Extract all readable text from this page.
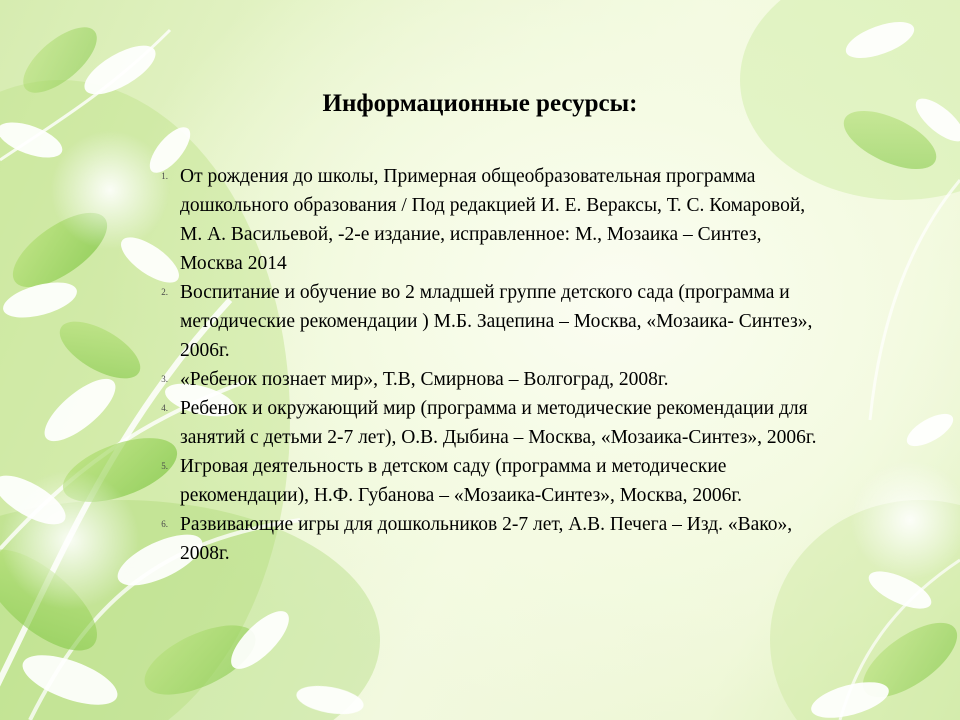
Информационные ресурсы:
1. От рождения до школы, Примерная общеобразовательная программа дошкольного образования / Под редакцией И. Е. Вераксы, Т. С. Комаровой, М. А. Васильевой, -2-е издание, исправленное: М., Мозаика – Синтез, Москва 2014
2. Воспитание и обучение во 2 младшей группе детского сада (программа и методические рекомендации ) М.Б. Зацепина – Москва, «Мозаика- Синтез», 2006г.
3. «Ребенок познает мир», Т.В, Смирнова – Волгоград, 2008г.
4. Ребенок и окружающий мир (программа и методические рекомендации для занятий с детьми 2-7 лет), О.В. Дыбина – Москва, «Мозаика-Синтез», 2006г.
5. Игровая деятельность в детском саду (программа и методические рекомендации), Н.Ф. Губанова – «Мозаика-Синтез», Москва, 2006г.
6. Развивающие игры для дошкольников 2-7 лет, А.В. Печега – Изд. «Вако», 2008г.
